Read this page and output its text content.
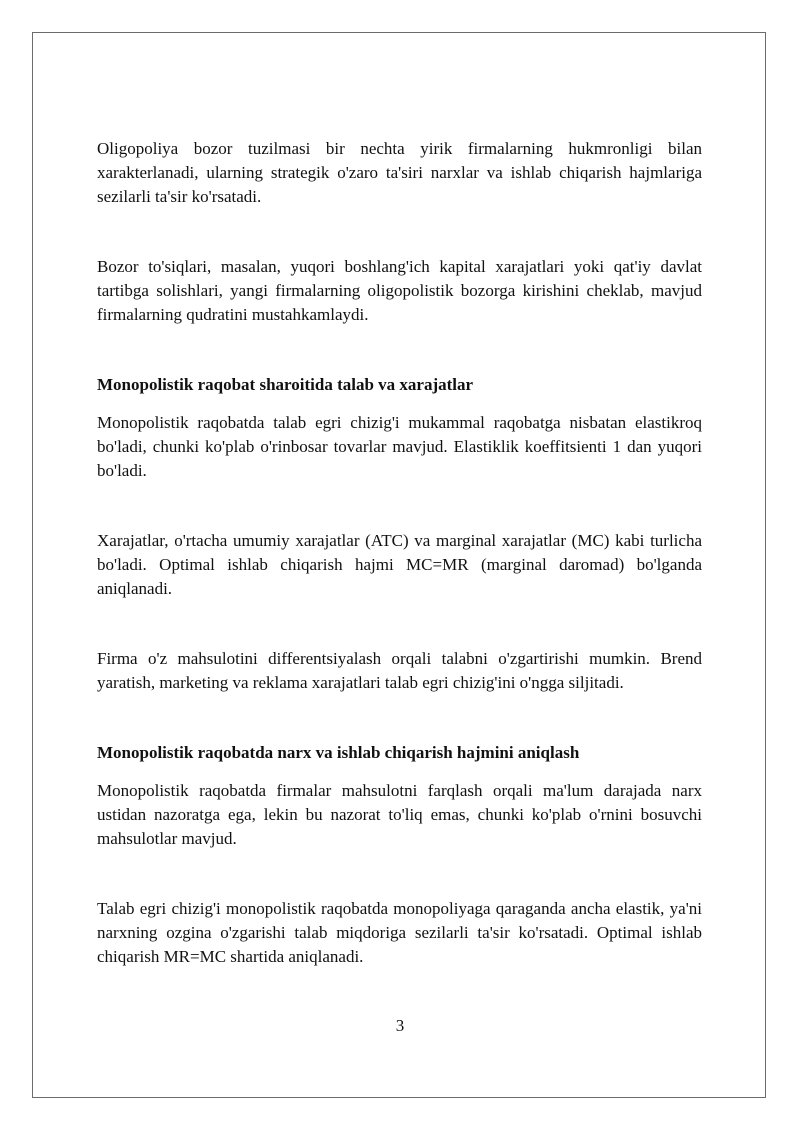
Oligopoliya bozor tuzilmasi bir nechta yirik firmalarning hukmronligi bilan xarakterlanadi, ularning strategik o'zaro ta'siri narxlar va ishlab chiqarish hajmlariga sezilarli ta'sir ko'rsatadi.

Bozor to'siqlari, masalan, yuqori boshlang'ich kapital xarajatlari yoki qat'iy davlat tartibga solishlari, yangi firmalarning oligopolistik bozorga kirishini cheklab, mavjud firmalarning qudratini mustahkamlaydi.

Monopolistik raqobat sharoitida talab va xarajatlar

Monopolistik raqobatda talab egri chizig'i mukammal raqobatga nisbatan elastikroq bo'ladi, chunki ko'plab o'rinbosar tovarlar mavjud. Elastiklik koeffitsienti 1 dan yuqori bo'ladi.

Xarajatlar, o'rtacha umumiy xarajatlar (ATC) va marginal xarajatlar (MC) kabi turlicha bo'ladi. Optimal ishlab chiqarish hajmi MC=MR (marginal daromad) bo'lganda aniqlanadi.

Firma o'z mahsulotini differentsiyalash orqali talabni o'zgartirishi mumkin. Brend yaratish, marketing va reklama xarajatlari talab egri chizig'ini o'ngga siljitadi.

Monopolistik raqobatda narx va ishlab chiqarish hajmini aniqlash

Monopolistik raqobatda firmalar mahsulotni farqlash orqali ma'lum darajada narx ustidan nazoratga ega, lekin bu nazorat to'liq emas, chunki ko'plab o'rnini bosuvchi mahsulotlar mavjud.

Talab egri chizig'i monopolistik raqobatda monopoliyaga qaraganda ancha elastik, ya'ni narxning ozgina o'zgarishi talab miqdoriga sezilarli ta'sir ko'rsatadi. Optimal ishlab chiqarish MR=MC shartida aniqlanadi.

3
